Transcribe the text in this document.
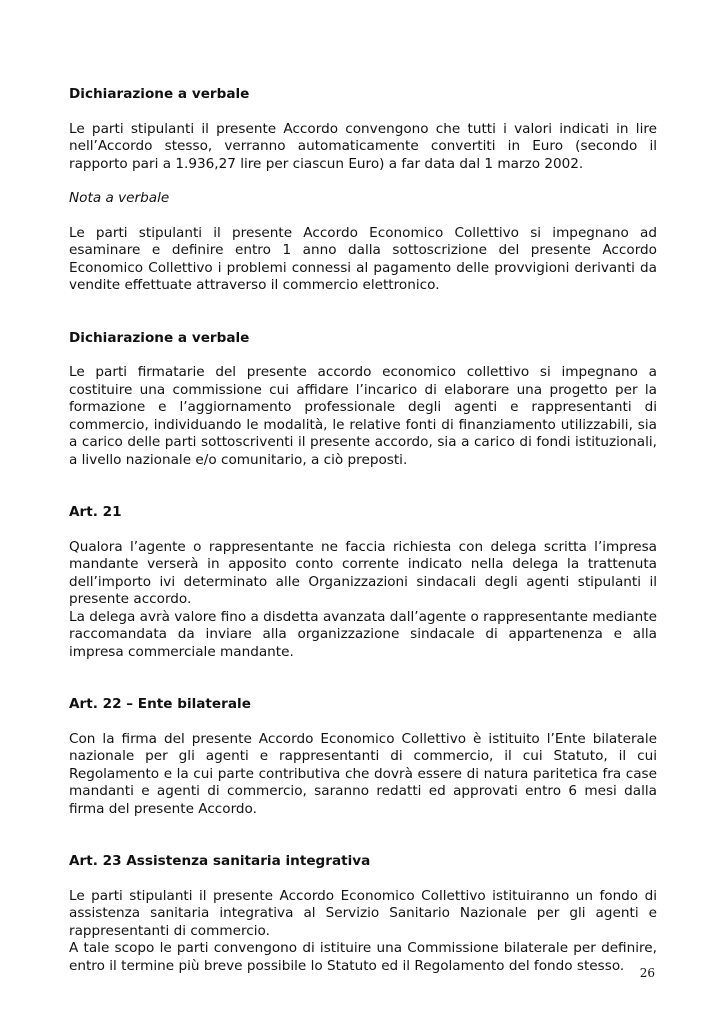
Dichiarazione a verbale

Le parti stipulanti il presente Accordo convengono che tutti i valori indicati in lire nell’Accordo stesso, verranno automaticamente convertiti in Euro (secondo il rapporto pari a 1.936,27 lire per ciascun Euro) a far data dal 1 marzo 2002.

Nota a verbale

Le parti stipulanti il presente Accordo Economico Collettivo si impegnano ad esaminare e definire entro 1 anno dalla sottoscrizione del presente Accordo Economico Collettivo i problemi connessi al pagamento delle provvigioni derivanti da vendite effettuate attraverso il commercio elettronico.

Dichiarazione a verbale

Le parti firmatarie del presente accordo economico collettivo si impegnano a costituire una commissione cui affidare l’incarico di elaborare una progetto per la formazione e l’aggiornamento professionale degli agenti e rappresentanti di commercio, individuando le modalità, le relative fonti di finanziamento utilizzabili, sia a carico delle parti sottoscriventi il presente accordo, sia a carico di fondi istituzionali, a livello nazionale e/o comunitario, a ciò preposti.

Art. 21

Qualora l’agente o rappresentante ne faccia richiesta con delega scritta l’impresa mandante verserà in apposito conto corrente indicato nella delega la trattenuta dell’importo ivi determinato alle Organizzazioni sindacali degli agenti stipulanti il presente accordo.

La delega avrà valore fino a disdetta avanzata dall’agente o rappresentante mediante raccomandata da inviare alla organizzazione sindacale di appartenenza e alla impresa commerciale mandante.

Art. 22 – Ente bilaterale

Con la firma del presente Accordo Economico Collettivo è istituito l’Ente bilaterale nazionale per gli agenti e rappresentanti di commercio, il cui Statuto, il cui Regolamento e la cui parte contributiva che dovrà essere di natura paritetica fra case mandanti e agenti di commercio, saranno redatti ed approvati entro 6 mesi dalla firma del presente Accordo.

Art. 23 Assistenza sanitaria integrativa

Le parti stipulanti il presente Accordo Economico Collettivo istituiranno un fondo di assistenza sanitaria integrativa al Servizio Sanitario Nazionale per gli agenti e rappresentanti di commercio.

A tale scopo le parti convengono di istituire una Commissione bilaterale per definire, entro il termine più breve possibile lo Statuto ed il Regolamento del fondo stesso.	26
